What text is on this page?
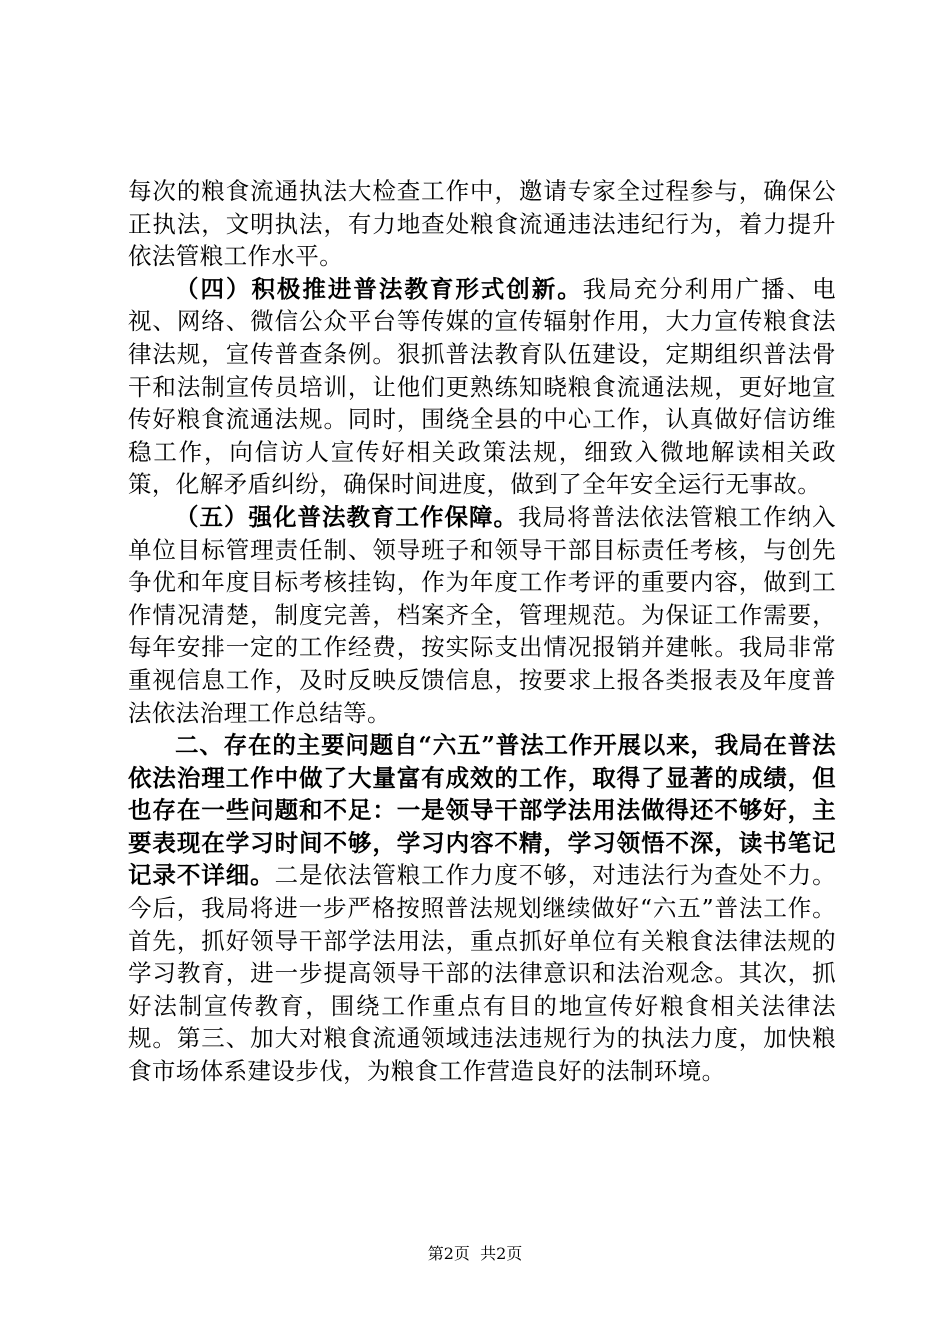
每次的粮食流通执法大检查工作中，邀请专家全过程参与，确保公正执法，文明执法，有力地查处粮食流通违法违纪行为，着力提升依法管粮工作水平。

（四）积极推进普法教育形式创新。我局充分利用广播、电视、网络、微信公众平台等传媒的宣传辐射作用，大力宣传粮食法律法规，宣传普查条例。狠抓普法教育队伍建设，定期组织普法骨干和法制宣传员培训，让他们更熟练知晓粮食流通法规，更好地宣传好粮食流通法规。同时，围绕全县的中心工作，认真做好信访维稳工作，向信访人宣传好相关政策法规，细致入微地解读相关政策，化解矛盾纠纷，确保时间进度，做到了全年安全运行无事故。

（五）强化普法教育工作保障。我局将普法依法管粮工作纳入单位目标管理责任制、领导班子和领导干部目标责任考核，与创先争优和年度目标考核挂钩，作为年度工作考评的重要内容，做到工作情况清楚，制度完善，档案齐全，管理规范。为保证工作需要，每年安排一定的工作经费，按实际支出情况报销并建帐。我局非常重视信息工作，及时反映反馈信息，按要求上报各类报表及年度普法依法治理工作总结等。

二、存在的主要问题自“六五”普法工作开展以来，我局在普法依法治理工作中做了大量富有成效的工作，取得了显著的成绩，但也存在一些问题和不足：一是领导干部学法用法做得还不够好，主要表现在学习时间不够，学习内容不精，学习领悟不深，读书笔记记录不详细。二是依法管粮工作力度不够，对违法行为查处不力。今后，我局将进一步严格按照普法规划继续做好“六五”普法工作。首先，抓好领导干部学法用法，重点抓好单位有关粮食法律法规的学习教育，进一步提高领导干部的法律意识和法治观念。其次，抓好法制宣传教育，围绕工作重点有目的地宣传好粮食相关法律法规。第三、加大对粮食流通领域违法违规行为的执法力度，加快粮食市场体系建设步伐，为粮食工作营造良好的法制环境。

第2页  共2页
